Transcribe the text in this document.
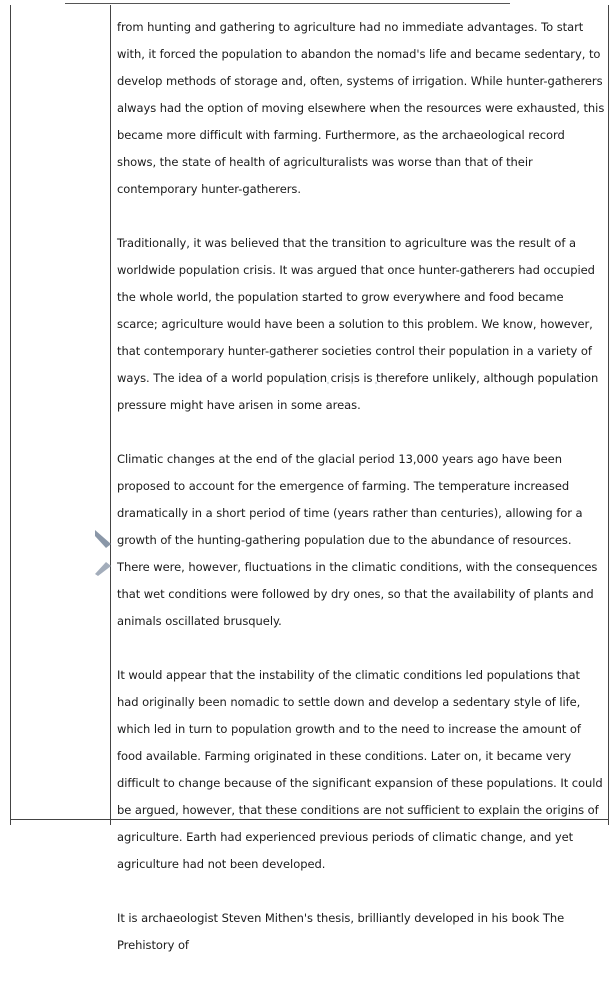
from hunting and gathering to agriculture had no immediate advantages. To start with, it forced the population to abandon the nomad's life and became sedentary, to develop methods of storage and, often, systems of irrigation. While hunter-gatherers always had the option of moving elsewhere when the resources were exhausted, this became more difficult with farming. Furthermore, as the archaeological record shows, the state of health of agriculturalists was worse than that of their contemporary hunter-gatherers.

Traditionally, it was believed that the transition to agriculture was the result of a worldwide population crisis. It was argued that once hunter-gatherers had occupied the whole world, the population started to grow everywhere and food became scarce; agriculture would have been a solution to this problem. We know, however, that contemporary hunter-gatherer societies control their population in a variety of ways. The idea of a world population crisis is therefore unlikely, although population pressure might have arisen in some areas.

Climatic changes at the end of the glacial period 13,000 years ago have been proposed to account for the emergence of farming. The temperature increased dramatically in a short period of time (years rather than centuries), allowing for a growth of the hunting-gathering population due to the abundance of resources. There were, however, fluctuations in the climatic conditions, with the consequences that wet conditions were followed by dry ones, so that the availability of plants and animals oscillated brusquely.

It would appear that the instability of the climatic conditions led populations that had originally been nomadic to settle down and develop a sedentary style of life, which led in turn to population growth and to the need to increase the amount of food available. Farming originated in these conditions. Later on, it became very difficult to change because of the significant expansion of these populations. It could be argued, however, that these conditions are not sufficient to explain the origins of agriculture. Earth had experienced previous periods of climatic change, and yet agriculture had not been developed.

It is archaeologist Steven Mithen's thesis, brilliantly developed in his book The Prehistory of
